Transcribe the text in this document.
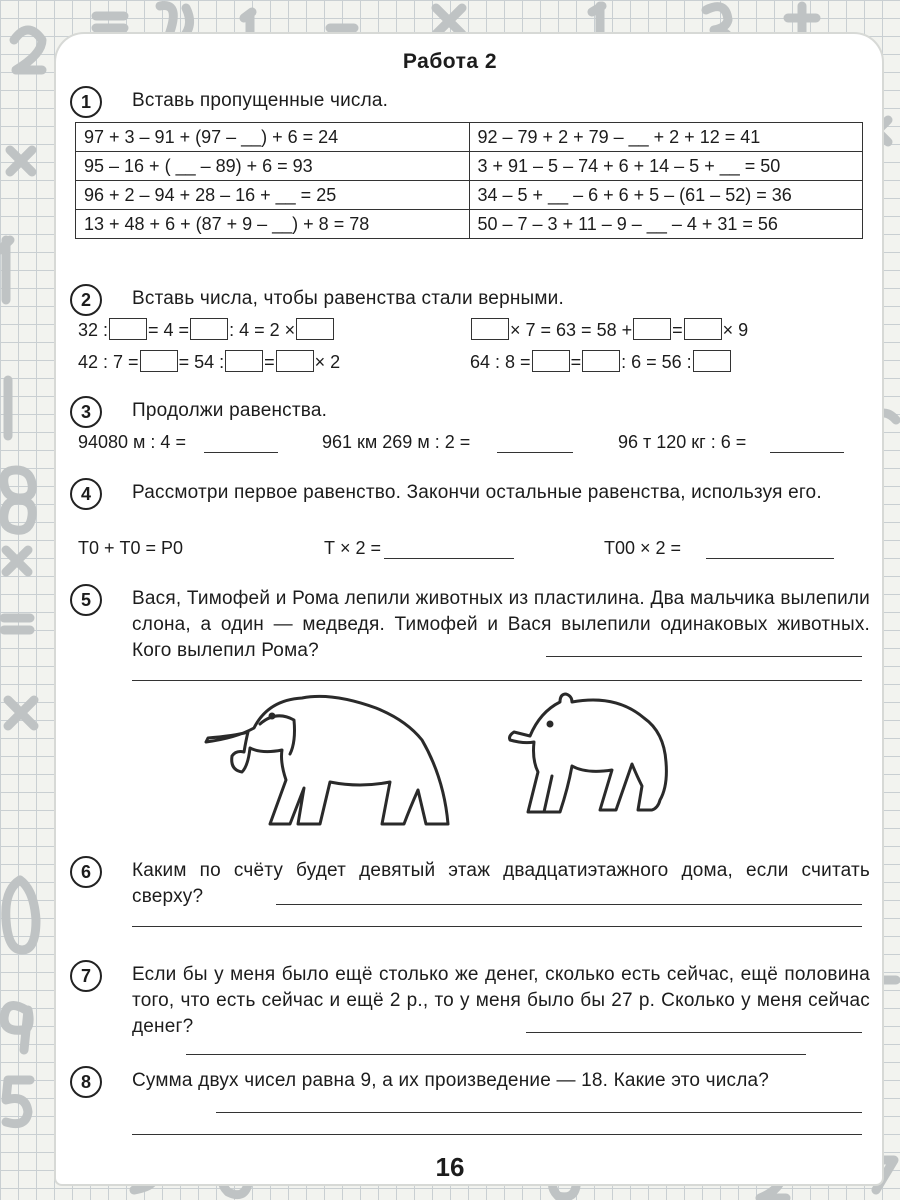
Работа 2
1	Вставь пропущенные числа.
97 + 3 – 91 + (97 – __) + 6 = 24	92 – 79 + 2 + 79 – __ + 2 + 12 = 41
95 – 16 + ( __ – 89) + 6 = 93	3 + 91 – 5 – 74 + 6 + 14 – 5 + __ = 50
96 + 2 – 94 + 28 – 16 + __ = 25	34 – 5 + __ – 6 + 6 + 5 – (61 – 52) = 36
13 + 48 + 6 + (87 + 9 – __) + 8 = 78	50 – 7 – 3 + 11 – 9 – __ – 4 + 31 = 56
2	Вставь числа, чтобы равенства стали верными.
32 : = 4 = : 4 = 2 ×	× 7 = 63 = 58 + = × 9
42 : 7 = = 54 : = × 2	64 : 8 = = : 6 = 56 :
3	Продолжи равенства.
94080 м : 4 =	961 км 269 м : 2 =	96 т 120 кг : 6 =
4	Рассмотри первое равенство. Закончи остальные равенства, используя его.
Т0 + Т0 = Р0	Т × 2 =	Т00 × 2 =
5	Вася, Тимофей и Рома лепили животных из пластилина. Два мальчика вылепили слона, а один — медведя. Тимофей и Вася вылепили одинаковых животных. Кого вылепил Рома?
6	Каким по счёту будет девятый этаж двадцатиэтажного дома, если считать сверху?
7	Если бы у меня было ещё столько же денег, сколько есть сейчас, ещё половина того, что есть сейчас и ещё 2 р., то у меня было бы 27 р. Сколько у меня сейчас денег?
8	Сумма двух чисел равна 9, а их произведение — 18. Какие это числа?
16
